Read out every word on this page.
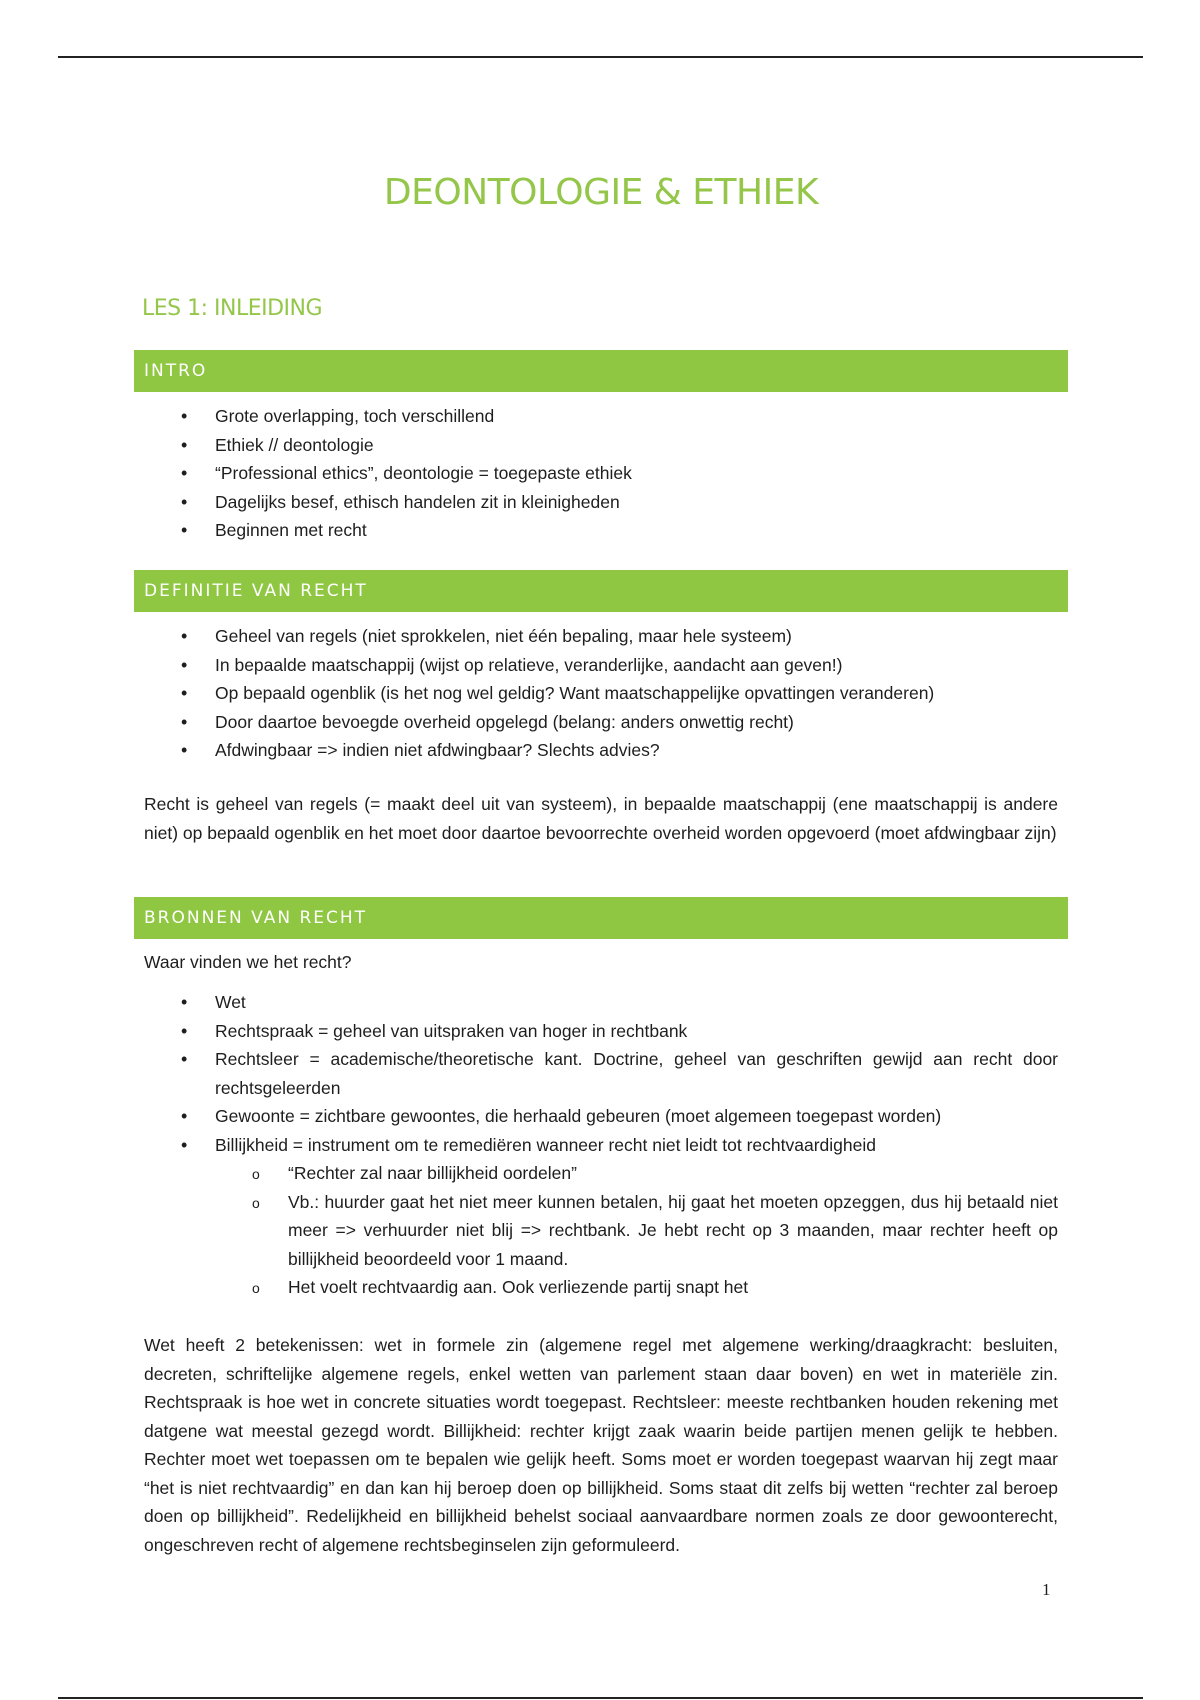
DEONTOLOGIE & ETHIEK
LES 1: INLEIDING
INTRO
• Grote overlapping, toch verschillend
• Ethiek // deontologie
• “Professional ethics”, deontologie = toegepaste ethiek
• Dagelijks besef, ethisch handelen zit in kleinigheden
• Beginnen met recht
DEFINITIE VAN RECHT
• Geheel van regels (niet sprokkelen, niet één bepaling, maar hele systeem)
• In bepaalde maatschappij (wijst op relatieve, veranderlijke, aandacht aan geven!)
• Op bepaald ogenblik (is het nog wel geldig? Want maatschappelijke opvattingen veranderen)
• Door daartoe bevoegde overheid opgelegd (belang: anders onwettig recht)
• Afdwingbaar => indien niet afdwingbaar? Slechts advies?

Recht is geheel van regels (= maakt deel uit van systeem), in bepaalde maatschappij (ene maatschappij is andere niet) op bepaald ogenblik en het moet door daartoe bevoorrechte overheid worden opgevoerd (moet afdwingbaar zijn)

BRONNEN VAN RECHT

Waar vinden we het recht?

• Wet
• Rechtspraak = geheel van uitspraken van hoger in rechtbank
• Rechtsleer = academische/theoretische kant. Doctrine, geheel van geschriften gewijd aan recht door rechtsgeleerden
• Gewoonte = zichtbare gewoontes, die herhaald gebeuren (moet algemeen toegepast worden)
• Billijkheid = instrument om te remediëren wanneer recht niet leidt tot rechtvaardigheid
o “Rechter zal naar billijkheid oordelen”
o Vb.: huurder gaat het niet meer kunnen betalen, hij gaat het moeten opzeggen, dus hij betaald niet meer => verhuurder niet blij => rechtbank. Je hebt recht op 3 maanden, maar rechter heeft op billijkheid beoordeeld voor 1 maand.
o Het voelt rechtvaardig aan. Ook verliezende partij snapt het

Wet heeft 2 betekenissen: wet in formele zin (algemene regel met algemene werking/draagkracht: besluiten, decreten, schriftelijke algemene regels, enkel wetten van parlement staan daar boven) en wet in materiële zin. Rechtspraak is hoe wet in concrete situaties wordt toegepast. Rechtsleer: meeste rechtbanken houden rekening met datgene wat meestal gezegd wordt. Billijkheid: rechter krijgt zaak waarin beide partijen menen gelijk te hebben. Rechter moet wet toepassen om te bepalen wie gelijk heeft. Soms moet er worden toegepast waarvan hij zegt maar “het is niet rechtvaardig” en dan kan hij beroep doen op billijkheid. Soms staat dit zelfs bij wetten “rechter zal beroep doen op billijkheid”. Redelijkheid en billijkheid behelst sociaal aanvaardbare normen zoals ze door gewoonterecht, ongeschreven recht of algemene rechtsbeginselen zijn geformuleerd.

1
